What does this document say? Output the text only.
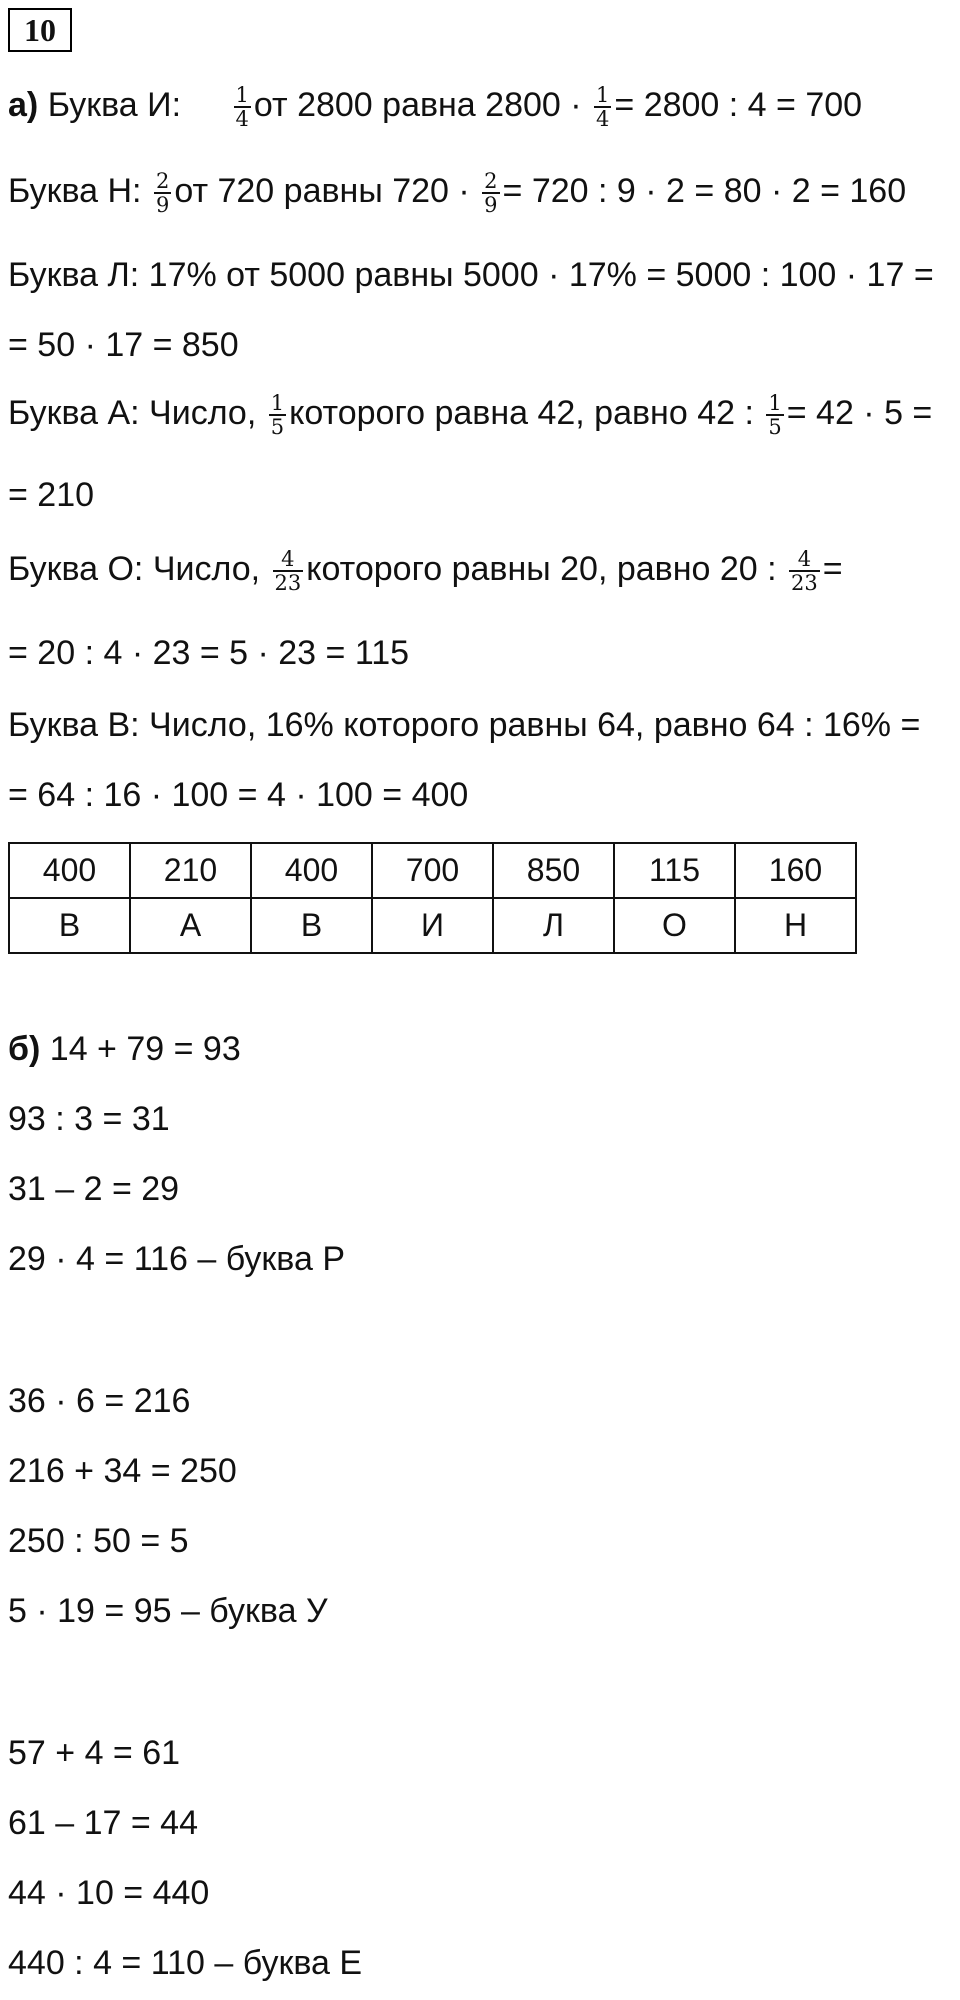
10
а) Буква И: $\frac{1}{4}$ от 2800 равна $2800 \cdot \frac{1}{4} = 2800$ : 4 = 700
Буква Н: $\frac{2}{9}$ от 720 равны $720 \cdot \frac{2}{9} = 720$ : 9 · 2 = 80 · 2 = 160
Буква Л: 17% от 5000 равны 5000 · 17% = 5000 : 100 · 17 =
= 50 · 17 = 850
Буква А: Число, $\frac{1}{5}$ которого равна 42, равно 42 : $\frac{1}{5} = 42 \cdot 5$ =
= 210
Буква О: Число, $\frac{4}{23}$ которого равны 20, равно 20 : $\frac{4}{23}$ =
= 20 : 4 · 23 = 5 · 23 = 115
Буква В: Число, 16% которого равны 64, равно 64 : 16% =
= 64 : 16 · 100 = 4 · 100 = 400
400	210	400	700	850	115	160
В	А	В	И	Л	О	Н
б) 14 + 79 = 93
93 : 3 = 31
31 – 2 = 29
29 · 4 = 116 – буква Р
36 · 6 = 216
216 + 34 = 250
250 : 50 = 5
5 · 19 = 95 – буква У
57 + 4 = 61
61 – 17 = 44
44 · 10 = 440
440 : 4 = 110 – буква Е
